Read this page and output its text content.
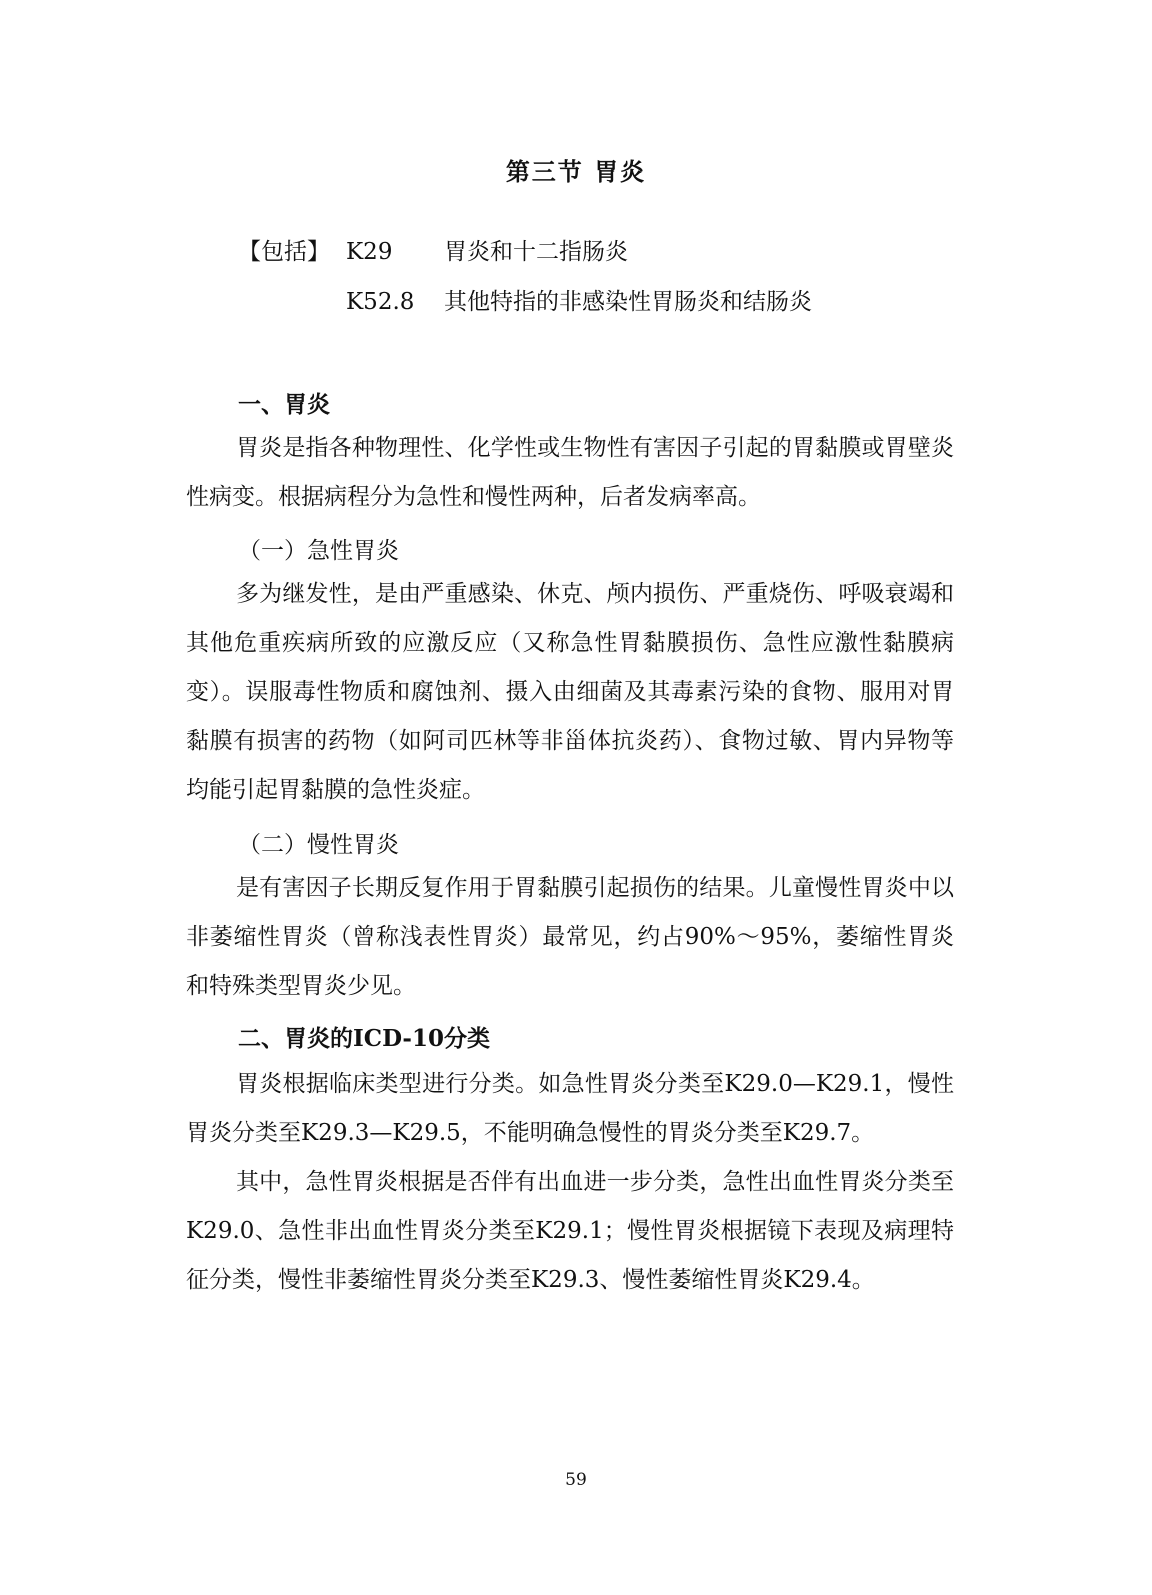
第三节 胃炎
【包括】 K29 胃炎和十二指肠炎
K52.8 其他特指的非感染性胃肠炎和结肠炎
一、胃炎

胃炎是指各种物理性、化学性或生物性有害因子引起的胃黏膜或胃壁炎性病变。根据病程分为急性和慢性两种，后者发病率高。

（一）急性胃炎

多为继发性，是由严重感染、休克、颅内损伤、严重烧伤、呼吸衰竭和其他危重疾病所致的应激反应（又称急性胃黏膜损伤、急性应激性黏膜病变）。误服毒性物质和腐蚀剂、摄入由细菌及其毒素污染的食物、服用对胃黏膜有损害的药物（如阿司匹林等非甾体抗炎药）、食物过敏、胃内异物等均能引起胃黏膜的急性炎症。

（二）慢性胃炎

是有害因子长期反复作用于胃黏膜引起损伤的结果。儿童慢性胃炎中以非萎缩性胃炎（曾称浅表性胃炎）最常见，约占90%～95%，萎缩性胃炎和特殊类型胃炎少见。

二、胃炎的ICD-10分类

胃炎根据临床类型进行分类。如急性胃炎分类至K29.0—K29.1，慢性胃炎分类至K29.3—K29.5，不能明确急慢性的胃炎分类至K29.7。

其中，急性胃炎根据是否伴有出血进一步分类，急性出血性胃炎分类至K29.0、急性非出血性胃炎分类至K29.1；慢性胃炎根据镜下表现及病理特征分类，慢性非萎缩性胃炎分类至K29.3、慢性萎缩性胃炎K29.4。

59
